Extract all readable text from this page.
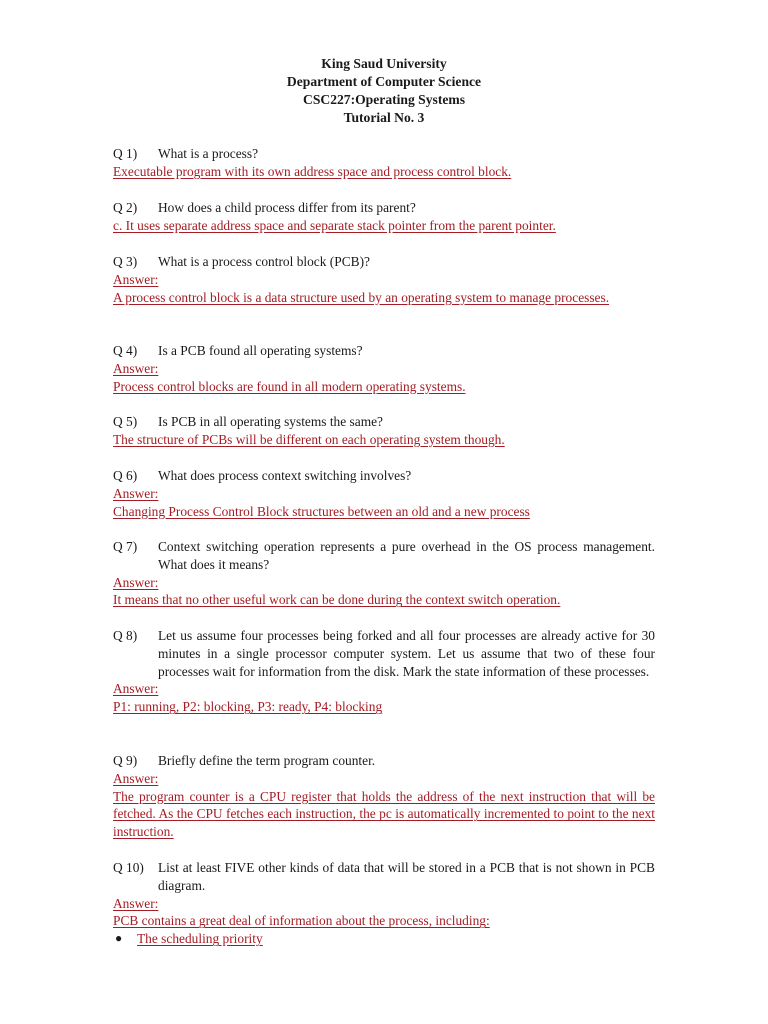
King Saud University
Department of Computer Science
CSC227:Operating Systems
Tutorial No. 3
Q 1)	What is a process?
Executable program with its own address space and process control block.
Q 2)	How does a child process differ from its parent?
c. It uses separate address space and separate stack pointer from the parent pointer.
Q 3)	What is a process control block (PCB)?
Answer:
A process control block is a data structure used by an operating system to manage processes.
Q 4)	Is a PCB found all operating systems?
Answer:
Process control blocks are found in all modern operating systems.
Q 5)	Is PCB in all operating systems the same?
The structure of PCBs will be different on each operating system though.
Q 6)	What does process context switching involves?
Answer:
Changing Process Control Block structures between an old and a new process
Q 7)	Context switching operation represents a pure overhead in the OS process management. What does it means?
Answer:
It means that no other useful work can be done during the context switch operation.
Q 8)	Let us assume four processes being forked and all four processes are already active for 30 minutes in a single processor computer system. Let us assume that two of these four processes wait for information from the disk. Mark the state information of these processes.
Answer:
P1: running, P2: blocking, P3: ready, P4: blocking
Q 9)	Briefly define the term program counter.
Answer:
The program counter is a CPU register that holds the address of the next instruction that will be fetched. As the CPU fetches each instruction, the pc is automatically incremented to point to the next instruction.
Q 10)	List at least FIVE other kinds of data that will be stored in a PCB that is not shown in PCB diagram.
Answer:
PCB contains a great deal of information about the process, including:
●	The scheduling priority
